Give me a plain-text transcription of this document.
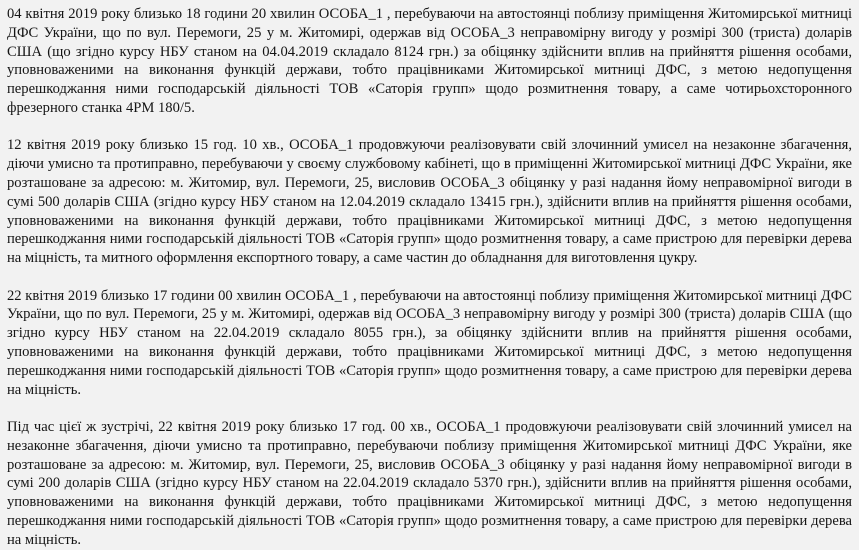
04 квітня 2019 року близько 18 години 20 хвилин ОСОБА_1 , перебуваючи на автостоянці поблизу приміщення Житомирської митниці ДФС України, що по вул. Перемоги, 25 у м. Житомирі, одержав від ОСОБА_3 неправомірну вигоду у розмірі 300 (триста) доларів США (що згідно курсу НБУ станом на 04.04.2019 складало 8124 грн.) за обіцянку здійснити вплив на прийняття рішення особами, уповноваженими на виконання функцій держави, тобто працівниками Житомирської митниці ДФС, з метою недопущення перешкоджання ними господарській діяльності ТОВ «Саторія групп» щодо розмитнення товару, а саме чотирьохсторонного фрезерного станка 4РМ 180/5.

12 квітня 2019 року близько 15 год. 10 хв., ОСОБА_1 продовжуючи реалізовувати свій злочинний умисел на незаконне збагачення, діючи умисно та протиправно, перебуваючи у своєму службовому кабінеті, що в приміщенні Житомирської митниці ДФС України, яке розташоване за адресою: м. Житомир, вул. Перемоги, 25, висловив ОСОБА_3 обіцянку у разі надання йому неправомірної вигоди в сумі 500 доларів США (згідно курсу НБУ станом на 12.04.2019 складало 13415 грн.), здійснити вплив на прийняття рішення особами, уповноваженими на виконання функцій держави, тобто працівниками Житомирської митниці ДФС, з метою недопущення перешкоджання ними господарській діяльності ТОВ «Саторія групп» щодо розмитнення товару, а саме пристрою для перевірки дерева на міцність, та митного оформлення експортного товару, а саме частин до обладнання для виготовлення цукру.

22 квітня 2019 близько 17 години 00 хвилин ОСОБА_1 , перебуваючи на автостоянці поблизу приміщення Житомирської митниці ДФС України, що по вул. Перемоги, 25 у м. Житомирі, одержав від ОСОБА_3 неправомірну вигоду у розмірі 300 (триста) доларів США (що згідно курсу НБУ станом на 22.04.2019 складало 8055 грн.), за обіцянку здійснити вплив на прийняття рішення особами, уповноваженими на виконання функцій держави, тобто працівниками Житомирської митниці ДФС, з метою недопущення перешкоджання ними господарській діяльності ТОВ «Саторія групп» щодо розмитнення товару, а саме пристрою для перевірки дерева на міцність.

Під час цієї ж зустрічі, 22 квітня 2019 року близько 17 год. 00 хв., ОСОБА_1 продовжуючи реалізовувати свій злочинний умисел на незаконне збагачення, діючи умисно та протиправно, перебуваючи поблизу приміщення Житомирської митниці ДФС України, яке розташоване за адресою: м. Житомир, вул. Перемоги, 25, висловив ОСОБА_3 обіцянку у разі надання йому неправомірної вигоди в сумі 200 доларів США (згідно курсу НБУ станом на 22.04.2019 складало 5370 грн.), здійснити вплив на прийняття рішення особами, уповноваженими на виконання функцій держави, тобто працівниками Житомирської митниці ДФС, з метою недопущення перешкоджання ними господарській діяльності ТОВ «Саторія групп» щодо розмитнення товару, а саме пристрою для перевірки дерева на міцність.
